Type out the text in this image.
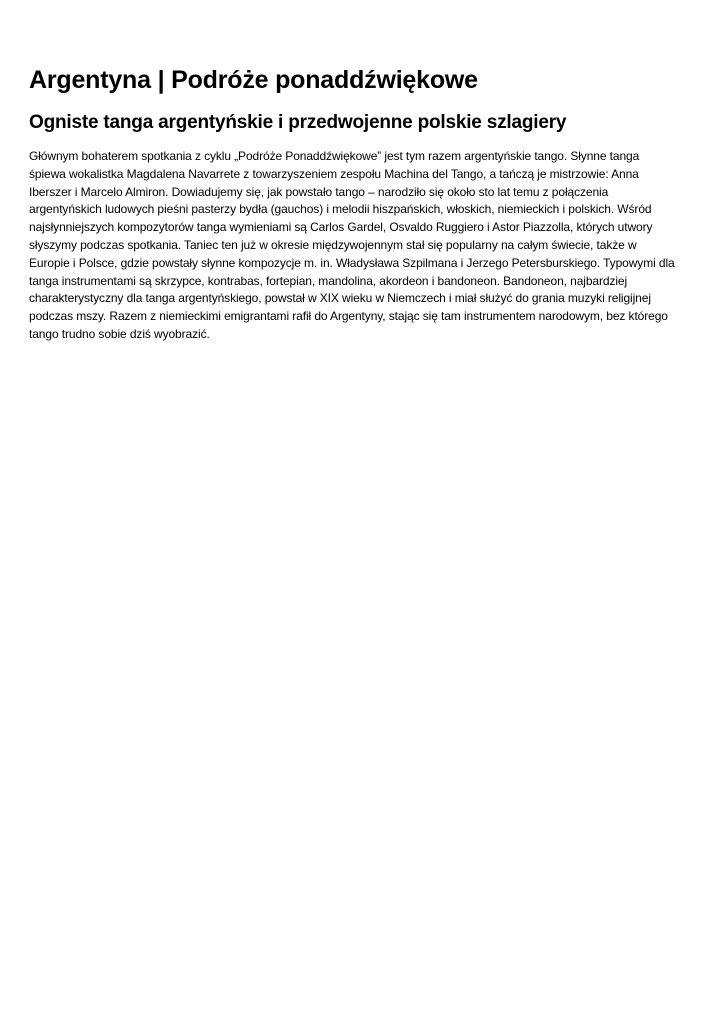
Argentyna | Podróże ponaddźwiękowe
Ogniste tanga argentyńskie i przedwojenne polskie szlagiery

Głównym bohaterem spotkania z cyklu „Podróże Ponaddźwiękowe” jest tym razem argentyńskie tango. Słynne tanga
śpiewa wokalistka Magdalena Navarrete z towarzyszeniem zespołu Machina del Tango, a tańczą je mistrzowie: Anna
Iberszer i Marcelo Almiron. Dowiadujemy się, jak powstało tango – narodziło się około sto lat temu z połączenia
argentyńskich ludowych pieśni pasterzy bydła (gauchos) i melodii hiszpańskich, włoskich, niemieckich i polskich. Wśród
najsłynniejszych kompozytorów tanga wymieniami są Carlos Gardel, Osvaldo Ruggiero i Astor Piazzolla, których utwory
słyszymy podczas spotkania. Taniec ten już w okresie międzywojennym stał się popularny na całym świecie, także w
Europie i Polsce, gdzie powstały słynne kompozycje m. in. Władysława Szpilmana i Jerzego Petersburskiego. Typowymi dla
tanga instrumentami są skrzypce, kontrabas, fortepian, mandolina, akordeon i bandoneon. Bandoneon, najbardziej
charakterystyczny dla tanga argentyńskiego, powstał w XIX wieku w Niemczech i miał służyć do grania muzyki religijnej
podczas mszy. Razem z niemieckimi emigrantami rafił do Argentyny, stając się tam instrumentem narodowym, bez którego
tango trudno sobie dziś wyobrazić.
